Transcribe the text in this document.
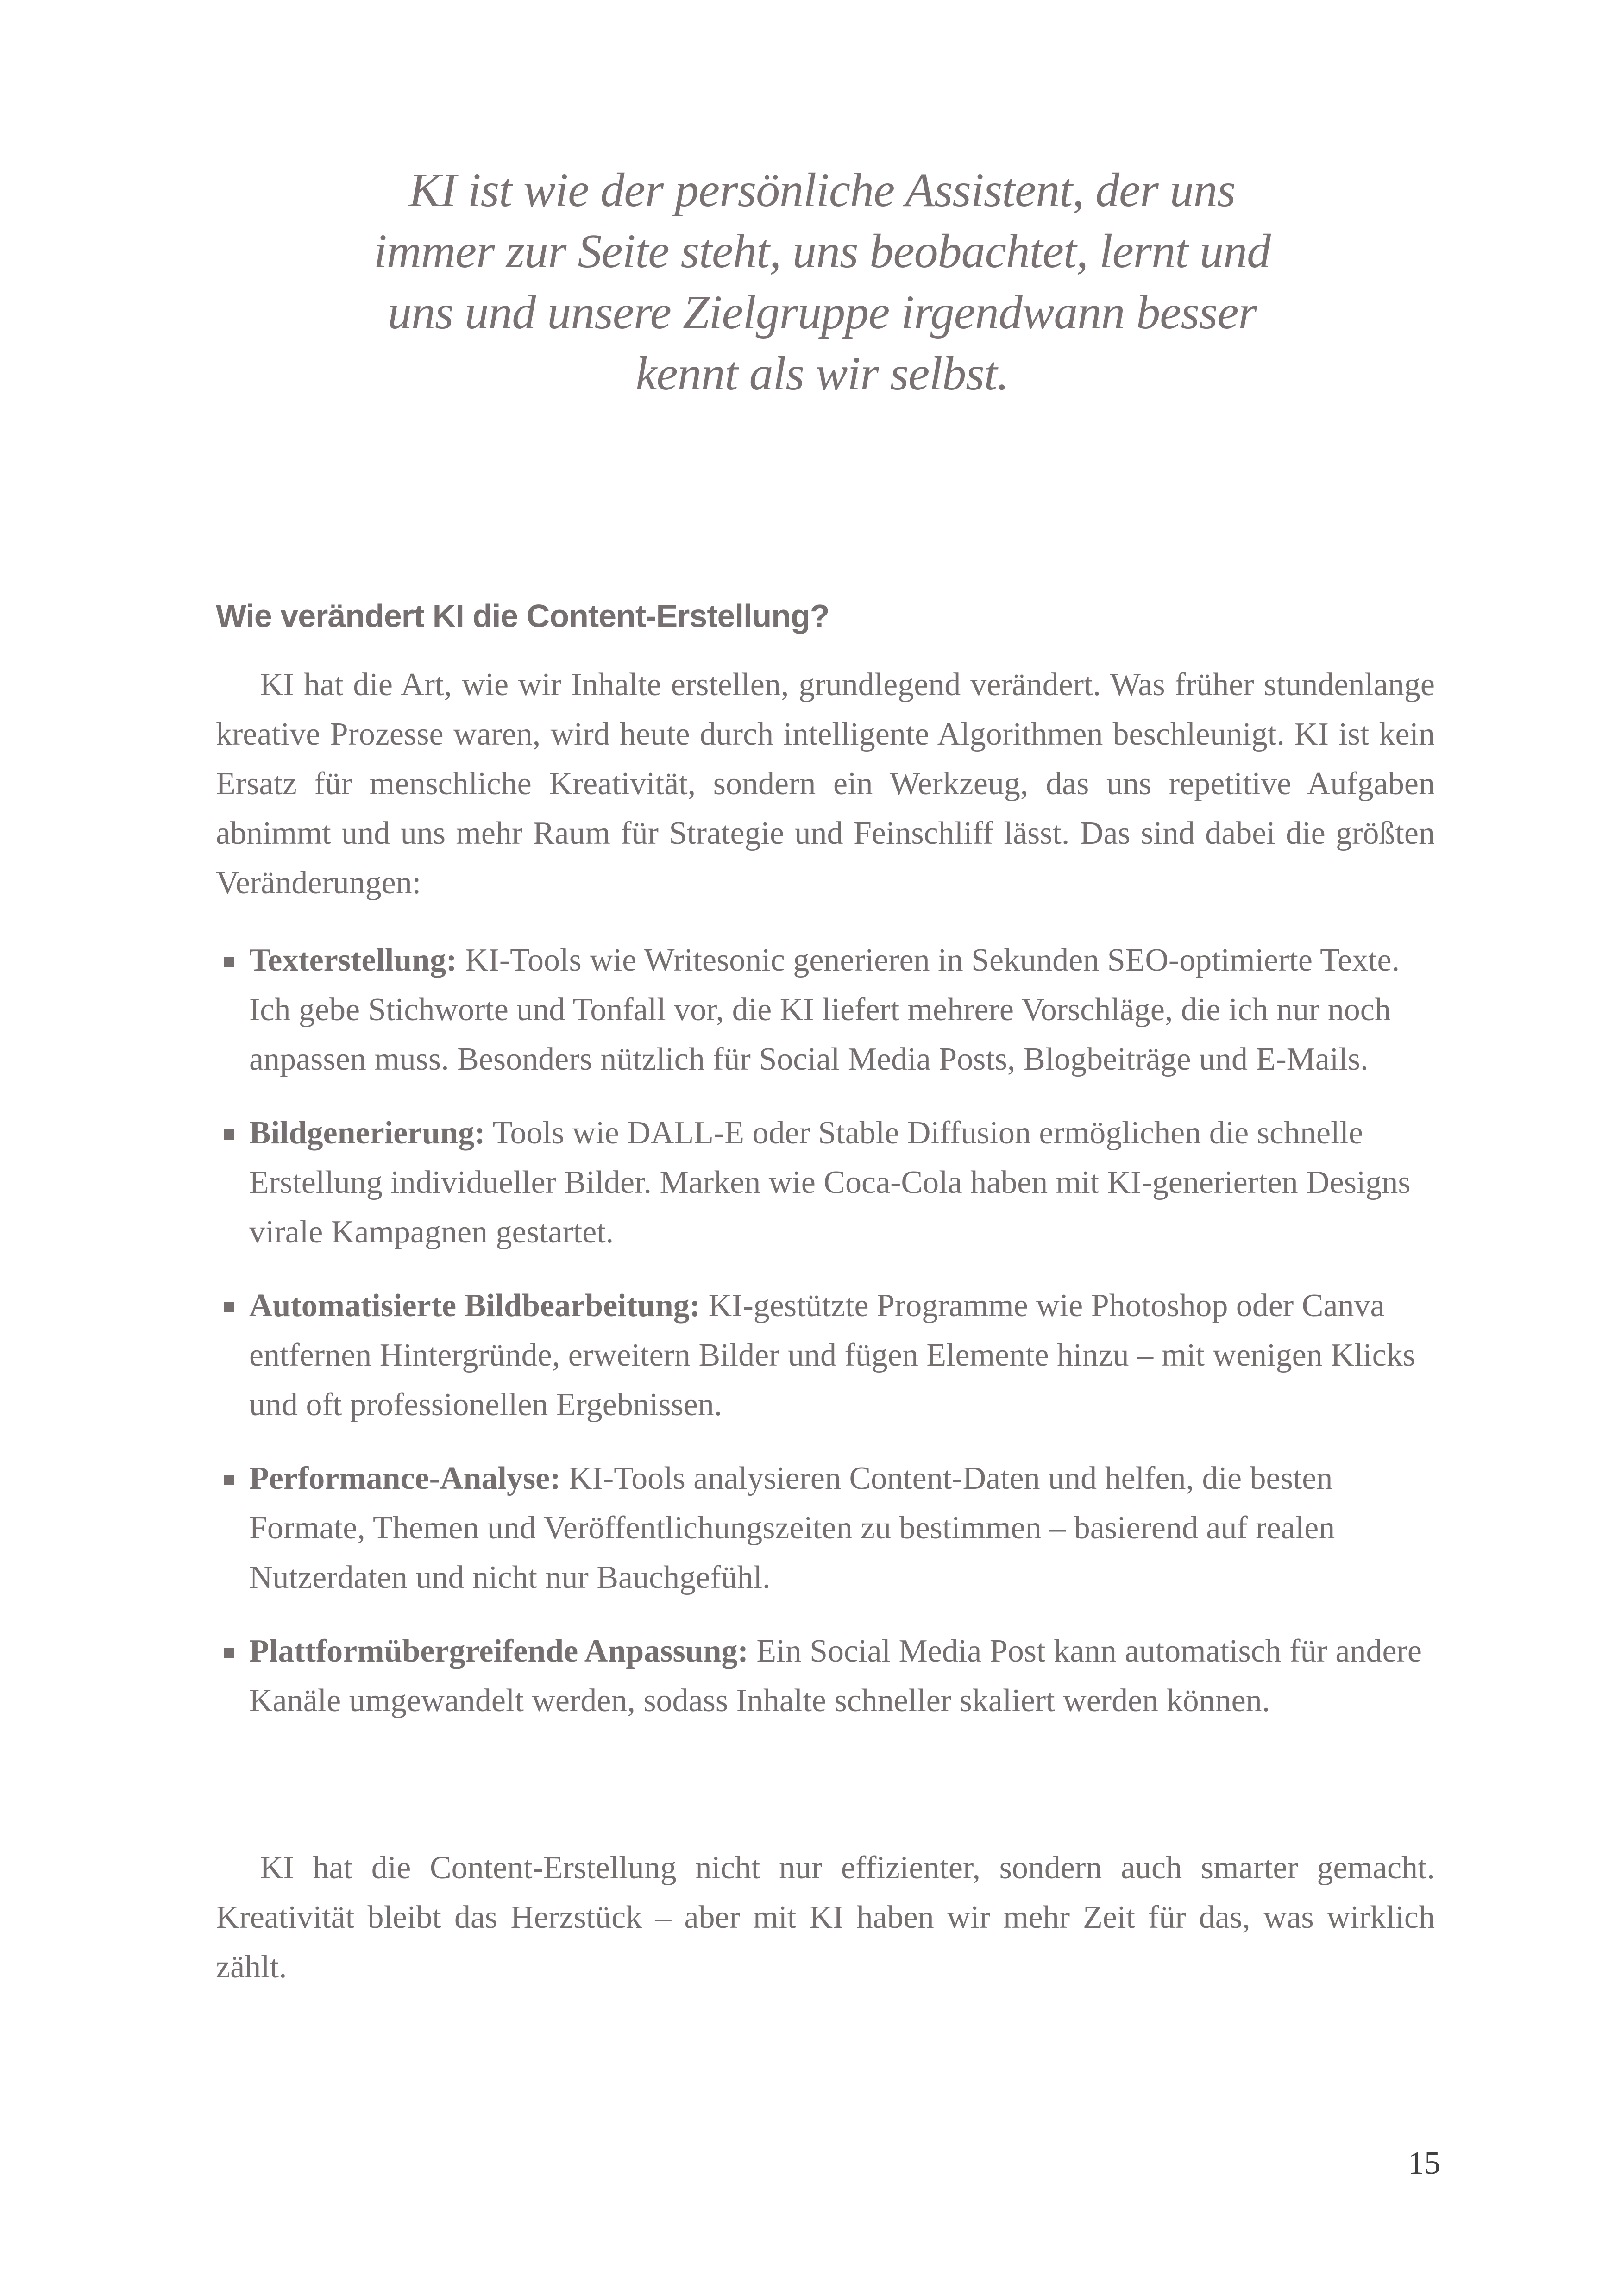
KI ist wie der persönliche Assistent, der uns
immer zur Seite steht, uns beobachtet, lernt und
uns und unsere Zielgruppe irgendwann besser
kennt als wir selbst.
Wie verändert KI die Content-Erstellung?

KI hat die Art, wie wir Inhalte erstellen, grundlegend verändert. Was früher stundenlange kreative Prozesse waren, wird heute durch intelligente Algorithmen beschleunigt. KI ist kein Ersatz für menschliche Kreativität, sondern ein Werkzeug, das uns repetitive Aufgaben abnimmt und uns mehr Raum für Strategie und Feinschliff lässt. Das sind dabei die größten Veränderungen:

Texterstellung: KI-Tools wie Writesonic generieren in Sekunden SEO-optimierte Texte. Ich gebe Stichworte und Tonfall vor, die KI liefert mehrere Vorschläge, die ich nur noch anpassen muss. Besonders nützlich für Social Media Posts, Blogbeiträge und E-Mails.
Bildgenerierung: Tools wie DALL-E oder Stable Diffusion ermöglichen die schnelle Erstellung individueller Bilder. Marken wie Coca-Cola haben mit KI-generierten Designs virale Kampagnen gestartet.
Automatisierte Bildbearbeitung: KI-gestützte Programme wie Photoshop oder Canva entfernen Hintergründe, erweitern Bilder und fügen Elemente hinzu – mit wenigen Klicks und oft professionellen Ergebnissen.
Performance-Analyse: KI-Tools analysieren Content-Daten und helfen, die besten Formate, Themen und Veröffentlichungszeiten zu bestimmen – basierend auf realen Nutzerdaten und nicht nur Bauchgefühl.
Plattformübergreifende Anpassung: Ein Social Media Post kann automatisch für andere Kanäle umgewandelt werden, sodass Inhalte schneller skaliert werden können.

KI hat die Content-Erstellung nicht nur effizienter, sondern auch smarter gemacht. Kreativität bleibt das Herzstück – aber mit KI haben wir mehr Zeit für das, was wirklich zählt.

15
